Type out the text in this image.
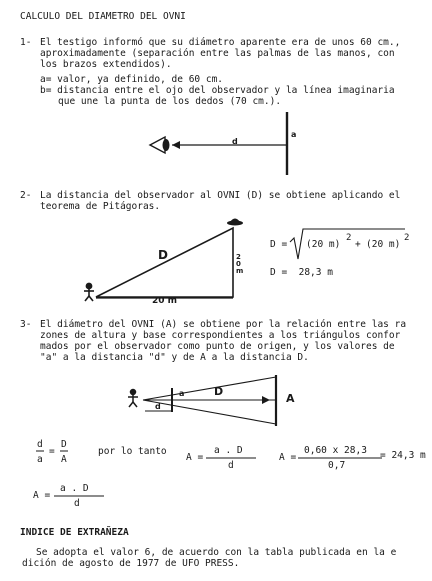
CALCULO DEL DIAMETRO DEL OVNI
1- El testigo informó que su diámetro aparente era de unos 60 cm.,
aproximadamente (separación entre las palmas de las manos, con
los brazos extendidos).
a= valor, ya definido, de 60 cm.
b= distancia entre el ojo del observador y la línea imaginaria
que une la punta de los dedos (70 cm.).
d
a
2- La distancia del observador al OVNI (D) se obtiene aplicando el
teorema de Pitágoras.
D	20 m
20 m
D = (20 m)
2
+ (20 m)
2
D =  28,3 m
3- El diámetro del OVNI (A) se obtiene por la relación entre las ra
zones de altura y base correspondientes a los triángulos confor
mados por el observador como punto de origen, y los valores de
"a" a la distancia "d" y de A a la distancia D.
a
d
D
A
d
a
=
D
A
por lo tanto
A =
a . D
d
A =
0,60 x 28,3
0,7
= 24,3 m
A =
a . D
d
INDICE DE EXTRAÑEZA
Se adopta el valor 6, de acuerdo con la tabla publicada en la e
dición de agosto de 1977 de UFO PRESS.
